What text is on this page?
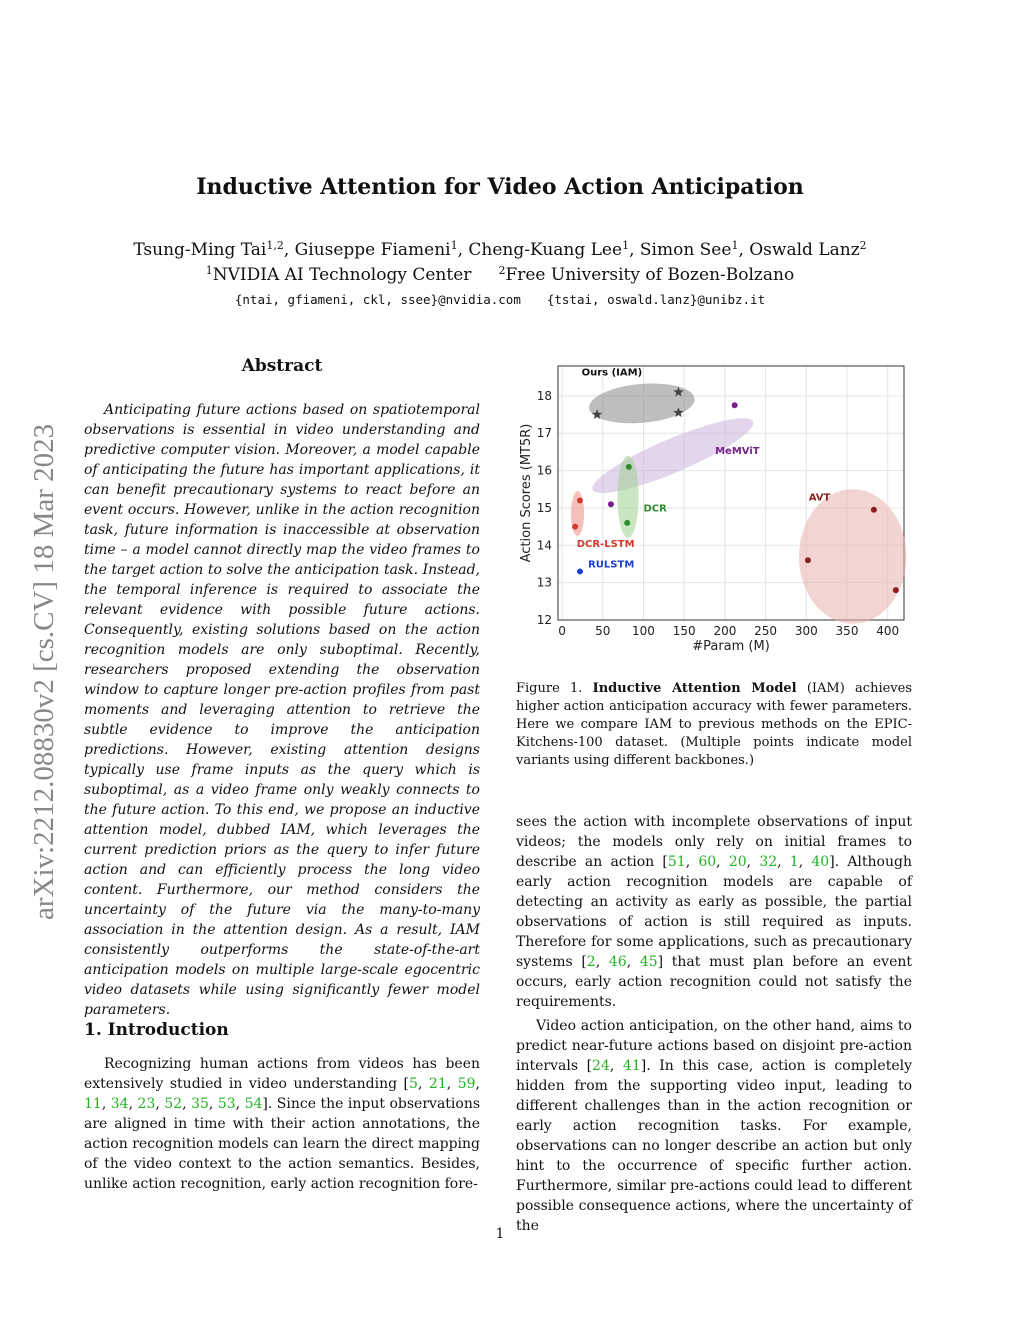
Inductive Attention for Video Action Anticipation
Tsung-Ming Tai$^{1,2}$ , Giuseppe Fiameni$^1$ , Cheng-Kuang Lee$^1$ , Simon See$^1$ , Oswald Lanz$^2$
$^1$NVIDIA AI Technology Center $^2$Free University of Bozen-Bolzano
{ntai, gfiameni, ckl, ssee}@nvidia.com {tstai, oswald.lanz}@unibz.it
arXiv:2212.08830v2 [cs.CV] 18 Mar 2023
Abstract

Anticipating future actions based on spatiotemporal observations is essential in video understanding and predictive computer vision. Moreover, a model capable of anticipating the future has important applications, it can benefit precautionary systems to react before an event occurs. However, unlike in the action recognition task, future information is inaccessible at observation time – a model cannot directly map the video frames to the target action to solve the anticipation task. Instead, the temporal inference is required to associate the relevant evidence with possible future actions. Consequently, existing solutions based on the action recognition models are only suboptimal. Recently, researchers proposed extending the observation window to capture longer pre-action profiles from past moments and leveraging attention to retrieve the subtle evidence to improve the anticipation predictions. However, existing attention designs typically use frame inputs as the query which is suboptimal, as a video frame only weakly connects to the future action. To this end, we propose an inductive attention model, dubbed IAM, which leverages the current prediction priors as the query to infer future action and can efficiently process the long video content. Furthermore, our method considers the uncertainty of the future via the many-to-many association in the attention design. As a result, IAM consistently outperforms the state-of-the-art anticipation models on multiple large-scale egocentric video datasets while using significantly fewer model parameters.

1. Introduction

Recognizing human actions from videos has been extensively studied in video understanding [5, 21, 59, 11, 34, 23, 52, 35, 53, 54]. Since the input observations are aligned in time with their action annotations, the action recognition models can learn the direct mapping of the video context to the action semantics. Besides, unlike action recognition, early action recognition fore-

0 50 100 150 200 250 300 350 400
12
13
14
15
16
17
18
#Param (M)
Action Scores (MT5R)
Ours (IAM)
MeMViT
DCR
DCR-LSTM
RULSTM
AVT

Figure 1. Inductive Attention Model (IAM) achieves higher action anticipation accuracy with fewer parameters. Here we compare IAM to previous methods on the EPIC-Kitchens-100 dataset. (Multiple points indicate model variants using different backbones.)

sees the action with incomplete observations of input videos; the models only rely on initial frames to describe an action [51, 60, 20, 32, 1, 40]. Although early action recognition models are capable of detecting an activity as early as possible, the partial observations of action is still required as inputs. Therefore for some applications, such as precautionary systems [2, 46, 45] that must plan before an event occurs, early action recognition could not satisfy the requirements.

Video action anticipation, on the other hand, aims to predict near-future actions based on disjoint pre-action intervals [24, 41]. In this case, action is completely hidden from the supporting video input, leading to different challenges than in the action recognition or early action recognition tasks. For example, observations can no longer describe an action but only hint to the occurrence of specific further action. Furthermore, similar pre-actions could lead to different possible consequence actions, where the uncertainty of the

1
